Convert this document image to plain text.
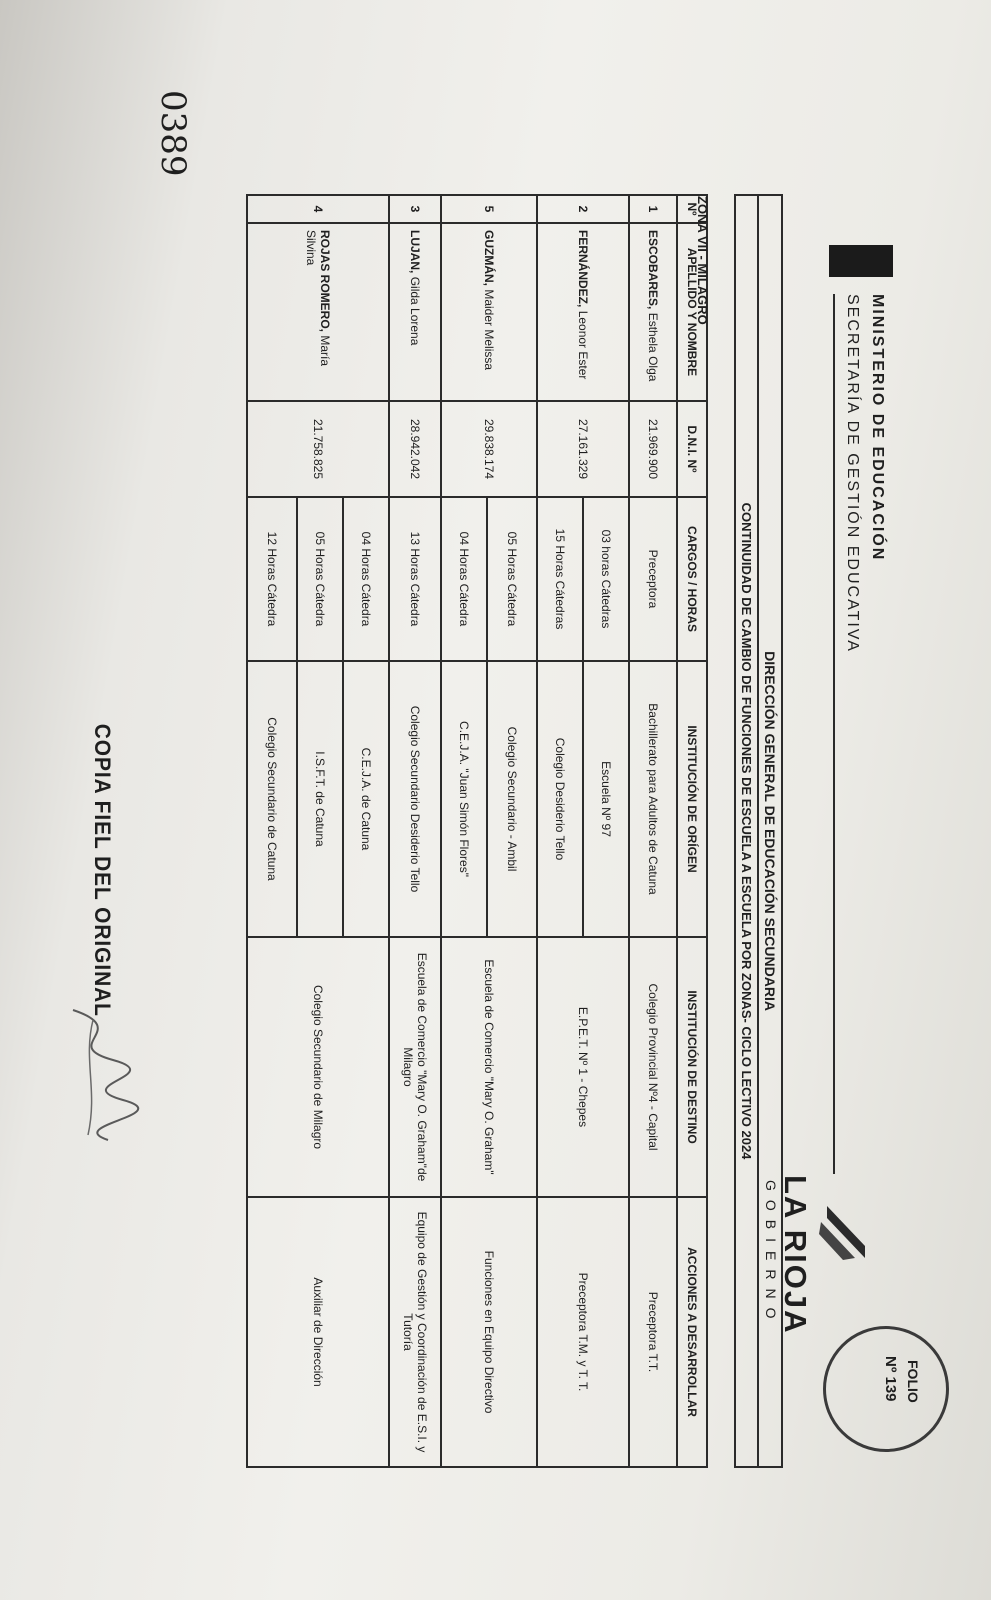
MINISTERIO DE EDUCACIÓN
SECRETARÍA DE GESTIÓN EDUCATIVA
LA RIOJA
GOBIERNO
FOLIO
Nº 139
0389
DIRECCIÓN GENERAL DE EDUCACIÓN SECUNDARIA						
CONTINUIDAD DE CAMBIO DE FUNCIONES DE ESCUELA A ESCUELA POR ZONAS- CICLO LECTIVO 2024						

Nº	APELLIDO Y NOMBRE	D.N.I. Nº	CARGOS / HORAS	INSTITUCIÓN DE ORÍGEN	INSTITUCIÓN DE DESTINO	ACCIONES A DESARROLLAR
1	ESCOBARES, Esthela Olga	21.969.900	Preceptora	Bachillerato para Adultos de Catuna	Colegio Provincial Nº4 - Capital	Preceptora T.T.
2	FERNÁNDEZ, Leonor Ester	27.161.329	03 horas Cátedras	Escuela Nº 97	E.P.E.T. Nº 1 - Chepes	Preceptora T.M. y T. T.
			15 Horas Cátedras	Colegio Desiderio Tello		
5	GUZMÁN, Maider Melissa	29.838.174	05 Horas Cátedra	Colegio Secundario - Ambil	Escuela de Comercio "Mary O. Graham"	Funciones en Equipo Directivo
			04 Horas Cátedra	C.E.J.A. "Juan Simón Flores"		
3	LUJAN, Gilda Lorena	28.942.042	13 Horas Cátedra	Colegio Secundario Desiderio Tello	Escuela de Comercio "Mary O. Graham"de Milagro	Equipo de Gestión y Coordinación de E.S.I. y Tutoría
4	ROJAS ROMERO, María Silvina	21.758.825	04 Horas Cátedra	C.E.J.A. de Catuna	Colegio Secundario de Milagro	Auxiliar de Dirección
			05 Horas Cátedra	I.S.F.T. de Catuna		
			12 Horas Cátedra	Colegio Secundario de Catuna		
ZONA VII - MILAGRO
COPIA FIEL DEL ORIGINAL
